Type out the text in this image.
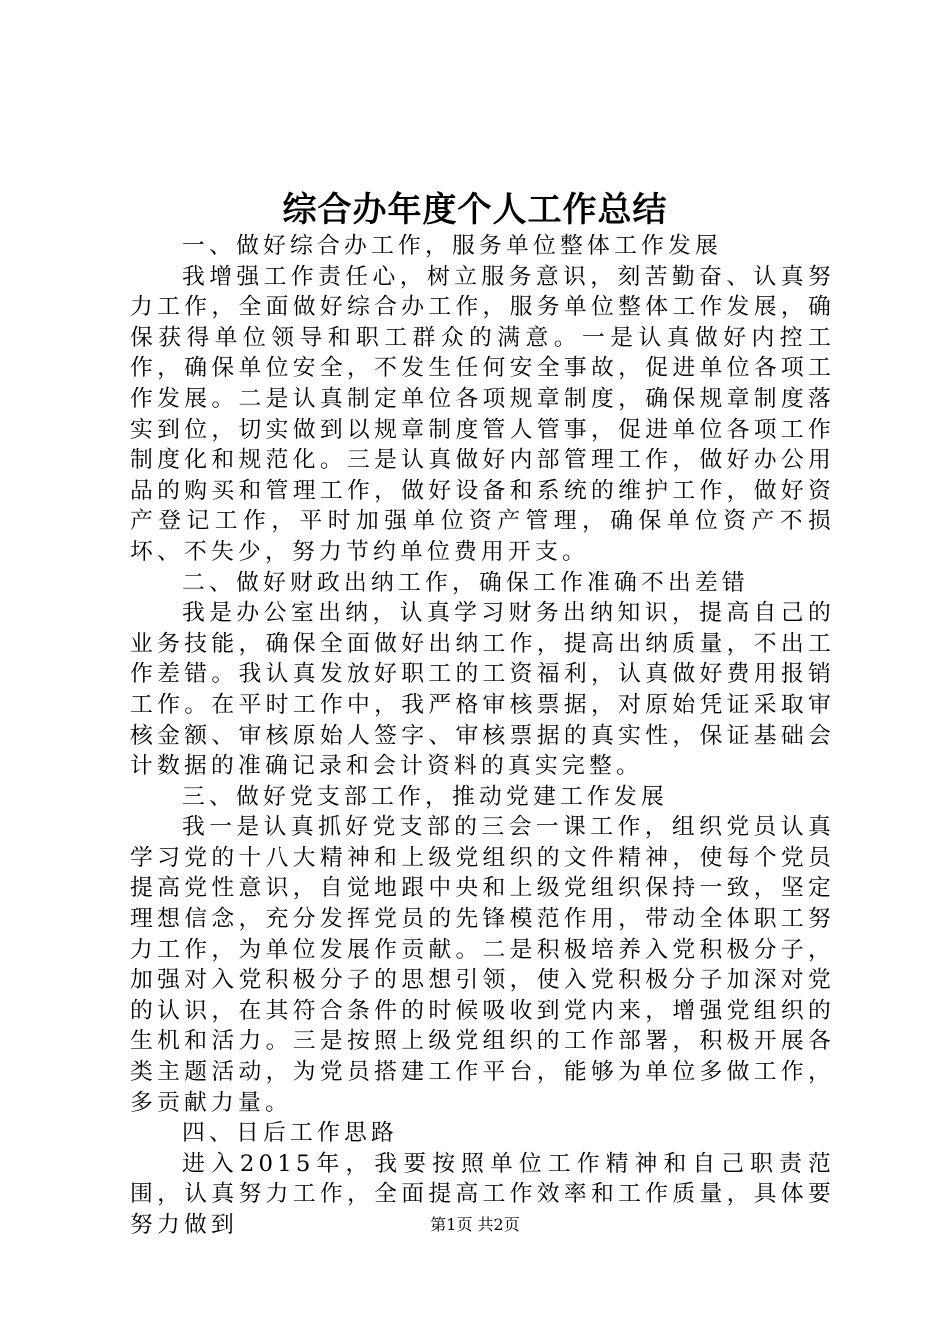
综合办年度个人工作总结

一、做好综合办工作，服务单位整体工作发展

我增强工作责任心，树立服务意识，刻苦勤奋、认真努力工作，全面做好综合办工作，服务单位整体工作发展，确保获得单位领导和职工群众的满意。一是认真做好内控工作，确保单位安全，不发生任何安全事故，促进单位各项工作发展。二是认真制定单位各项规章制度，确保规章制度落实到位，切实做到以规章制度管人管事，促进单位各项工作制度化和规范化。三是认真做好内部管理工作，做好办公用品的购买和管理工作，做好设备和系统的维护工作，做好资产登记工作，平时加强单位资产管理，确保单位资产不损坏、不失少，努力节约单位费用开支。

二、做好财政出纳工作，确保工作准确不出差错

我是办公室出纳，认真学习财务出纳知识，提高自己的业务技能，确保全面做好出纳工作，提高出纳质量，不出工作差错。我认真发放好职工的工资福利，认真做好费用报销工作。在平时工作中，我严格审核票据，对原始凭证采取审核金额、审核原始人签字、审核票据的真实性，保证基础会计数据的准确记录和会计资料的真实完整。

三、做好党支部工作，推动党建工作发展

我一是认真抓好党支部的三会一课工作，组织党员认真学习党的十八大精神和上级党组织的文件精神，使每个党员提高党性意识，自觉地跟中央和上级党组织保持一致，坚定理想信念，充分发挥党员的先锋模范作用，带动全体职工努力工作，为单位发展作贡献。二是积极培养入党积极分子，加强对入党积极分子的思想引领，使入党积极分子加深对党的认识，在其符合条件的时候吸收到党内来，增强党组织的生机和活力。三是按照上级党组织的工作部署，积极开展各类主题活动，为党员搭建工作平台，能够为单位多做工作，多贡献力量。

四、日后工作思路

进入2015年，我要按照单位工作精神和自己职责范围，认真努力工作，全面提高工作效率和工作质量，具体要努力做到	第1页 共2页
